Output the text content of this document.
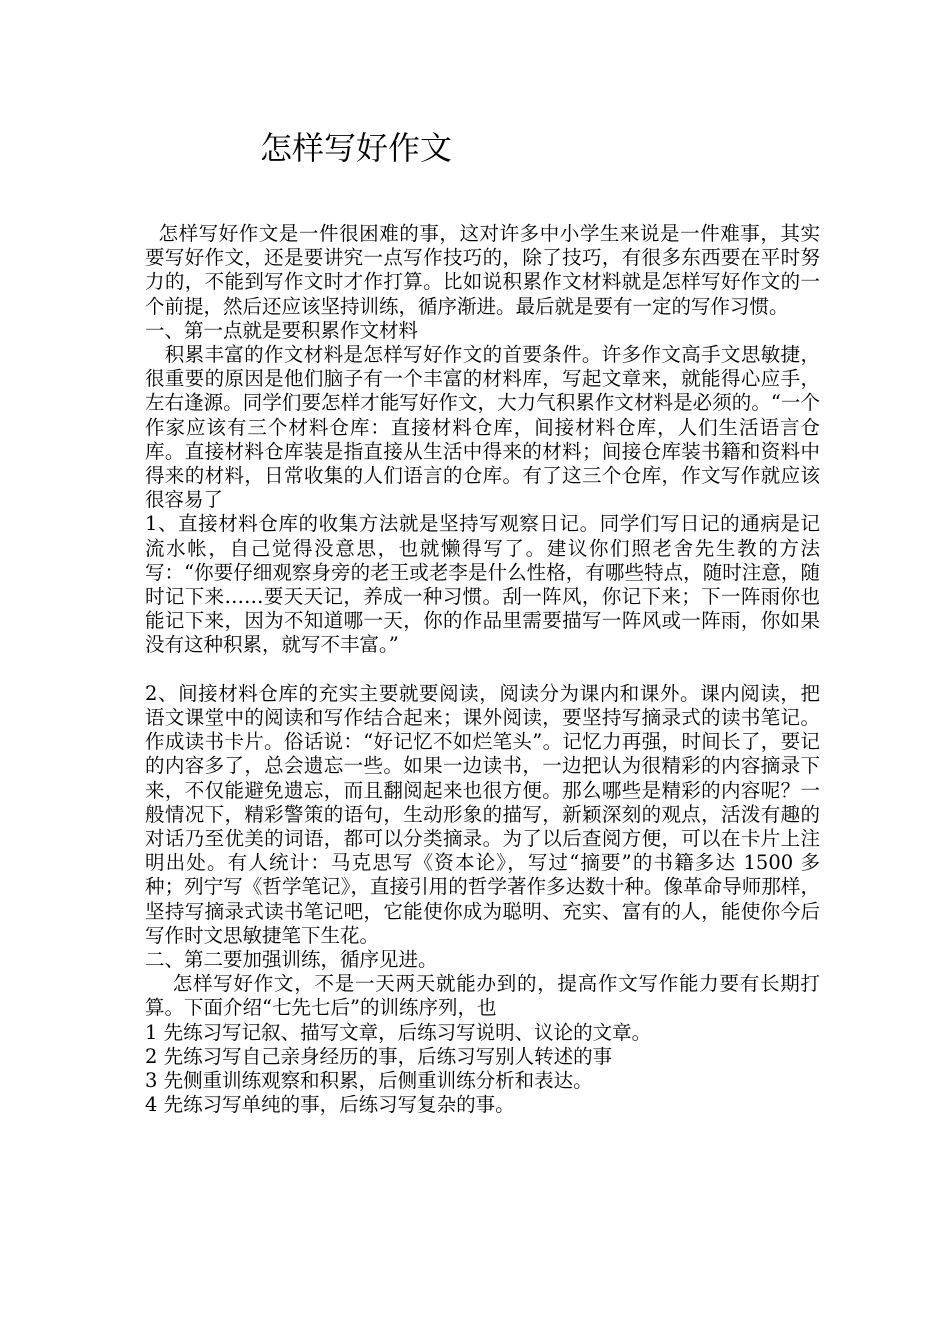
怎样写好作文

怎样写好作文是一件很困难的事，这对许多中小学生来说是一件难事，其实要写好作文，还是要讲究一点写作技巧的，除了技巧，有很多东西要在平时努力的，不能到写作文时才作打算。比如说积累作文材料就是怎样写好作文的一个前提，然后还应该坚持训练，循序渐进。最后就是要有一定的写作习惯。

一、第一点就是要积累作文材料

积累丰富的作文材料是怎样写好作文的首要条件。许多作文高手文思敏捷，很重要的原因是他们脑子有一个丰富的材料库，写起文章来，就能得心应手，左右逢源。同学们要怎样才能写好作文，大力气积累作文材料是必须的。“一个作家应该有三个材料仓库：直接材料仓库，间接材料仓库，人们生活语言仓库。直接材料仓库装是指直接从生活中得来的材料；间接仓库装书籍和资料中得来的材料，日常收集的人们语言的仓库。有了这三个仓库，作文写作就应该很容易了

1、直接材料仓库的收集方法就是坚持写观察日记。同学们写日记的通病是记流水帐，自己觉得没意思，也就懒得写了。建议你们照老舍先生教的方法写：“你要仔细观察身旁的老王或老李是什么性格，有哪些特点，随时注意，随时记下来……要天天记，养成一种习惯。刮一阵风，你记下来；下一阵雨你也能记下来，因为不知道哪一天，你的作品里需要描写一阵风或一阵雨，你如果没有这种积累，就写不丰富。”

2、间接材料仓库的充实主要就要阅读，阅读分为课内和课外。课内阅读，把语文课堂中的阅读和写作结合起来；课外阅读，要坚持写摘录式的读书笔记。作成读书卡片。俗话说：“好记忆不如烂笔头”。记忆力再强，时间长了，要记的内容多了，总会遗忘一些。如果一边读书，一边把认为很精彩的内容摘录下来，不仅能避免遗忘，而且翻阅起来也很方便。那么哪些是精彩的内容呢？一般情况下，精彩警策的语句，生动形象的描写，新颖深刻的观点，活泼有趣的对话乃至优美的词语，都可以分类摘录。为了以后查阅方便，可以在卡片上注明出处。有人统计：马克思写《资本论》，写过“摘要”的书籍多达 1500 多种；列宁写《哲学笔记》，直接引用的哲学著作多达数十种。像革命导师那样，坚持写摘录式读书笔记吧，它能使你成为聪明、充实、富有的人，能使你今后写作时文思敏捷笔下生花。

二、第二要加强训练，循序见进。

怎样写好作文，不是一天两天就能办到的，提高作文写作能力要有长期打算。下面介绍“七先七后”的训练序列，也

1 先练习写记叙、描写文章，后练习写说明、议论的文章。

2 先练习写自己亲身经历的事，后练习写别人转述的事

3 先侧重训练观察和积累，后侧重训练分析和表达。

4 先练习写单纯的事，后练习写复杂的事。
